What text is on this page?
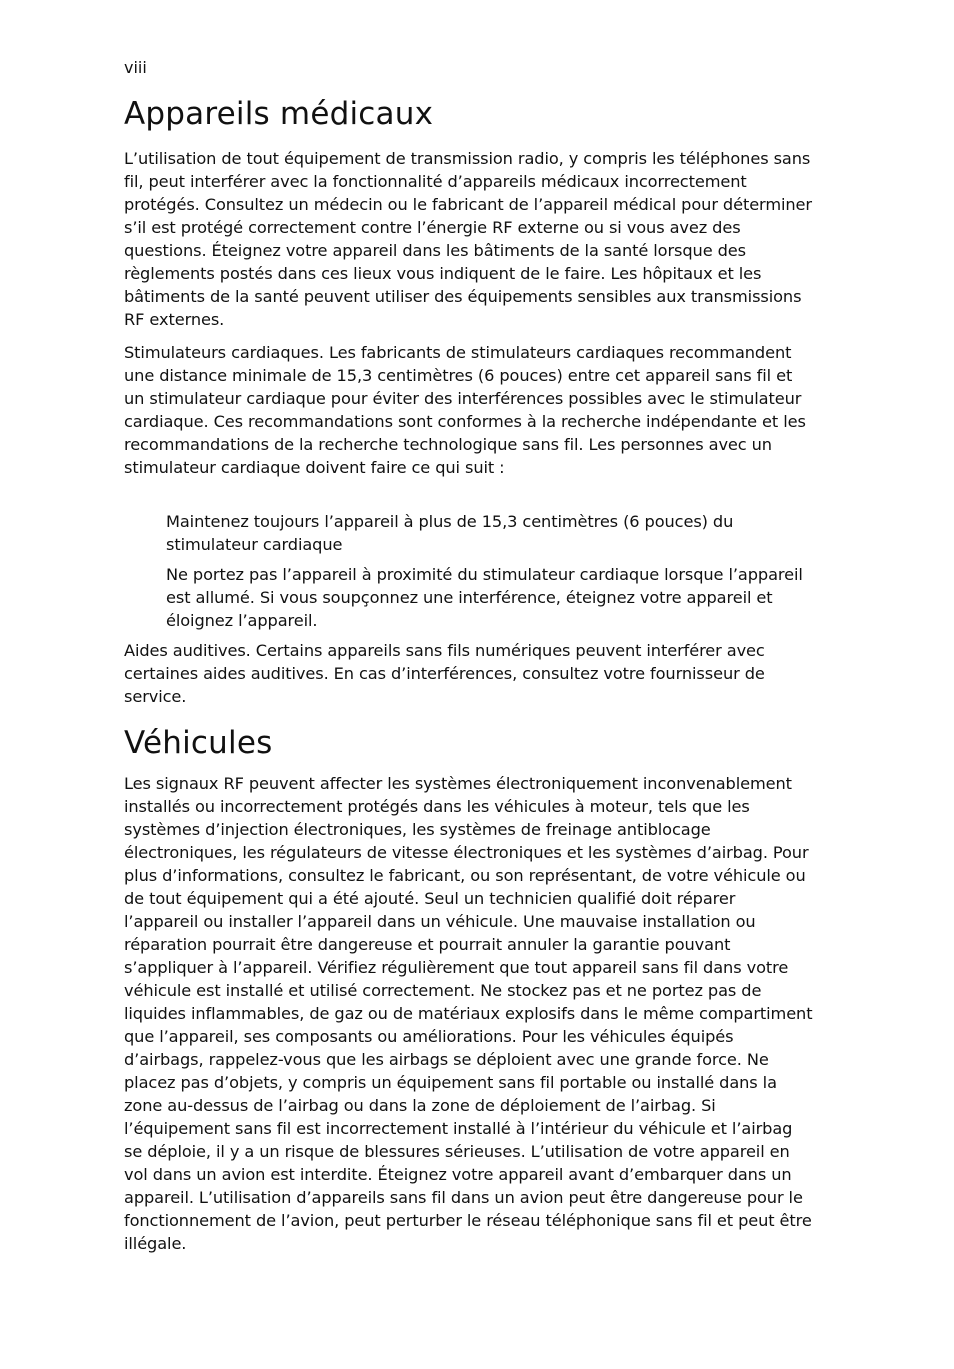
viii
Appareils médicaux

L’utilisation de tout équipement de transmission radio, y compris les téléphones sans fil, peut interférer avec la fonctionnalité d’appareils médicaux incorrectement protégés. Consultez un médecin ou le fabricant de l’appareil médical pour déterminer s’il est protégé correctement contre l’énergie RF externe ou si vous avez des questions. Éteignez votre appareil dans les bâtiments de la santé lorsque des règlements postés dans ces lieux vous indiquent de le faire. Les hôpitaux et les bâtiments de la santé peuvent utiliser des équipements sensibles aux transmissions RF externes.

Stimulateurs cardiaques. Les fabricants de stimulateurs cardiaques recommandent une distance minimale de 15,3 centimètres (6 pouces) entre cet appareil sans fil et un stimulateur cardiaque pour éviter des interférences possibles avec le stimulateur cardiaque. Ces recommandations sont conformes à la recherche indépendante et les recommandations de la recherche technologique sans fil. Les personnes avec un stimulateur cardiaque doivent faire ce qui suit :

Maintenez toujours l’appareil à plus de 15,3 centimètres (6 pouces) du stimulateur cardiaque

Ne portez pas l’appareil à proximité du stimulateur cardiaque lorsque l’appareil est allumé. Si vous soupçonnez une interférence, éteignez votre appareil et éloignez l’appareil.

Aides auditives. Certains appareils sans fils numériques peuvent interférer avec certaines aides auditives. En cas d’interférences, consultez votre fournisseur de service.

Véhicules

Les signaux RF peuvent affecter les systèmes électroniquement inconvenablement installés ou incorrectement protégés dans les véhicules à moteur, tels que les systèmes d’injection électroniques, les systèmes de freinage antiblocage électroniques, les régulateurs de vitesse électroniques et les systèmes d’airbag. Pour plus d’informations, consultez le fabricant, ou son représentant, de votre véhicule ou de tout équipement qui a été ajouté. Seul un technicien qualifié doit réparer l’appareil ou installer l’appareil dans un véhicule. Une mauvaise installation ou réparation pourrait être dangereuse et pourrait annuler la garantie pouvant s’appliquer à l’appareil. Vérifiez régulièrement que tout appareil sans fil dans votre véhicule est installé et utilisé correctement. Ne stockez pas et ne portez pas de liquides inflammables, de gaz ou de matériaux explosifs dans le même compartiment que l’appareil, ses composants ou améliorations. Pour les véhicules équipés d’airbags, rappelez-vous que les airbags se déploient avec une grande force. Ne placez pas d’objets, y compris un équipement sans fil portable ou installé dans la zone au-dessus de l’airbag ou dans la zone de déploiement de l’airbag. Si l’équipement sans fil est incorrectement installé à l’intérieur du véhicule et l’airbag se déploie, il y a un risque de blessures sérieuses. L’utilisation de votre appareil en vol dans un avion est interdite. Éteignez votre appareil avant d’embarquer dans un appareil. L’utilisation d’appareils sans fil dans un avion peut être dangereuse pour le fonctionnement de l’avion, peut perturber le réseau téléphonique sans fil et peut être illégale.
